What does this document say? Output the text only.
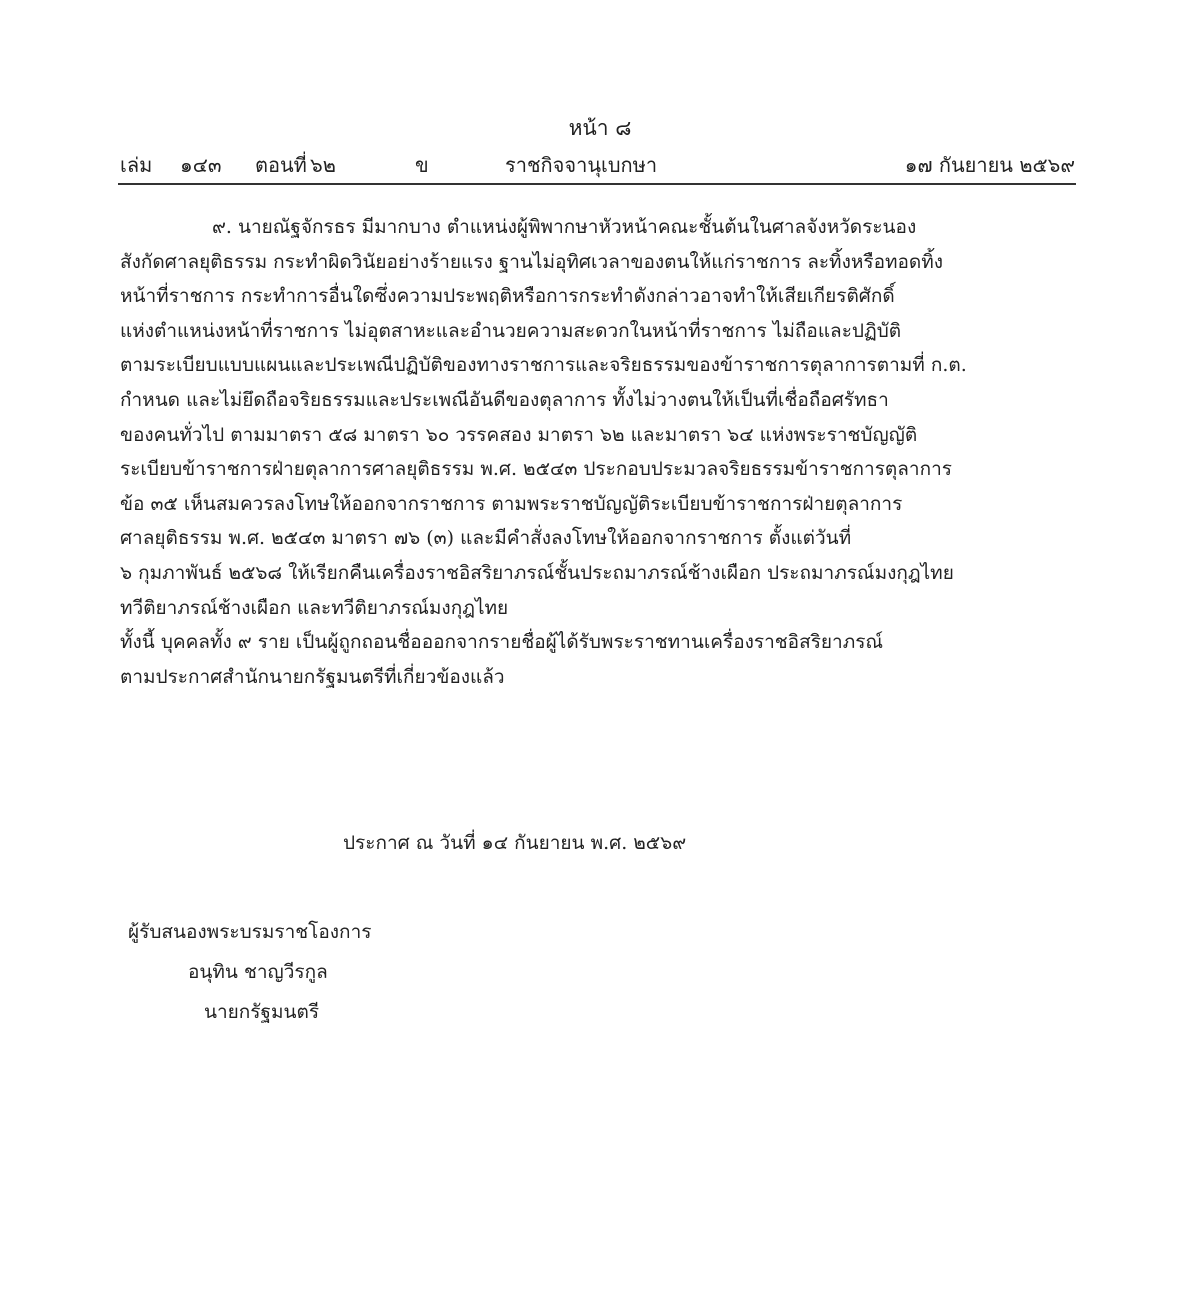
หน้า ๘
เล่ม ๑๔๓ ตอนที่ ๖๒	ข	ราชกิจจานุเบกษา	๑๗ กันยายน ๒๕๖๙
๙. นายณัฐจักรธร มีมากบาง ตำแหน่งผู้พิพากษาหัวหน้าคณะชั้นต้นในศาลจังหวัดระนอง
สังกัดศาลยุติธรรม กระทำผิดวินัยอย่างร้ายแรง ฐานไม่อุทิศเวลาของตนให้แก่ราชการ ละทิ้งหรือทอดทิ้ง
หน้าที่ราชการ กระทำการอื่นใดซึ่งความประพฤติหรือการกระทำดังกล่าวอาจทำให้เสียเกียรติศักดิ์
แห่งตำแหน่งหน้าที่ราชการ ไม่อุตสาหะและอำนวยความสะดวกในหน้าที่ราชการ ไม่ถือและปฏิบัติ
ตามระเบียบแบบแผนและประเพณีปฏิบัติของทางราชการและจริยธรรมของข้าราชการตุลาการตามที่ ก.ต.
กำหนด และไม่ยึดถือจริยธรรมและประเพณีอันดีของตุลาการ ทั้งไม่วางตนให้เป็นที่เชื่อถือศรัทธา
ของคนทั่วไป ตามมาตรา ๕๘ มาตรา ๖๐ วรรคสอง มาตรา ๖๒ และมาตรา ๖๔ แห่งพระราชบัญญัติ
ระเบียบข้าราชการฝ่ายตุลาการศาลยุติธรรม พ.ศ. ๒๕๔๓ ประกอบประมวลจริยธรรมข้าราชการตุลาการ
ข้อ ๓๕ เห็นสมควรลงโทษให้ออกจากราชการ ตามพระราชบัญญัติระเบียบข้าราชการฝ่ายตุลาการ
ศาลยุติธรรม พ.ศ. ๒๕๔๓ มาตรา ๗๖ (๓) และมีคำสั่งลงโทษให้ออกจากราชการ ตั้งแต่วันที่
๖ กุมภาพันธ์ ๒๕๖๘ ให้เรียกคืนเครื่องราชอิสริยาภรณ์ชั้นประถมาภรณ์ช้างเผือก ประถมาภรณ์มงกุฎไทย
ทวีติยาภรณ์ช้างเผือก และทวีติยาภรณ์มงกุฎไทย
ทั้งนี้ บุคคลทั้ง ๙ ราย เป็นผู้ถูกถอนชื่อออกจากรายชื่อผู้ได้รับพระราชทานเครื่องราชอิสริยาภรณ์
ตามประกาศสำนักนายกรัฐมนตรีที่เกี่ยวข้องแล้ว
ประกาศ ณ วันที่ ๑๔ กันยายน พ.ศ. ๒๕๖๙
ผู้รับสนองพระบรมราชโองการ
อนุทิน ชาญวีรกูล
นายกรัฐมนตรี
